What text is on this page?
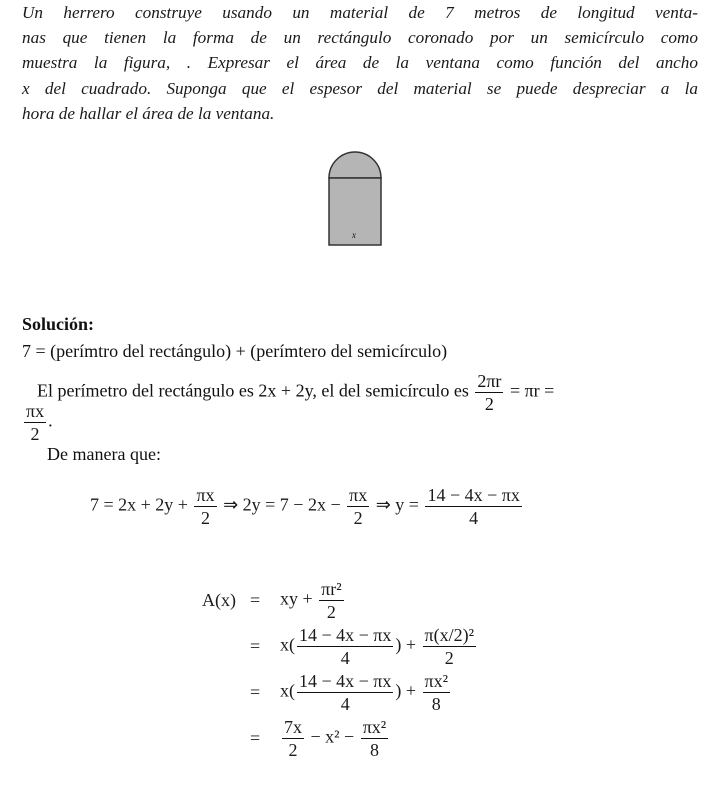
Un herrero construye usando un material de 7 metros de longitud venta-
nas que tienen la forma de un rectángulo coronado por un semicírculo como
muestra la figura, . Expresar el área de la ventana como función del ancho
x del cuadrado. Suponga que el espesor del material se puede despreciar a la
hora de hallar el área de la ventana.
x
Solución:
7 = (perímtro del rectángulo) + (perímtero del semicírculo)
El perímetro del rectángulo es 2x + 2y, el del semicírculo es $\frac{2\pi r}{2} = \pi r$ =
$\frac{\pi x}{2}$ .
De manera que:
$7 = 2x + 2y + \frac{\pi x}{2}$ ⇒ $2y = 7 - 2x - \frac{\pi x}{2}$ ⇒ $y = \frac{14 - 4x - \pi x}{4}$
A(x) = xy + $\frac{\text{πr²}}{2}$
= $x( \frac{14 - 4x - \pi x}{4}$ ) + $\frac{\text{π(x/2)²}}{2}$
= $x( \frac{14 - 4x - \pi x}{4}$ ) + $\frac{\text{πx²}}{8}$
= $\frac{7x}{2} - x^2 - \frac{\text{πx²}}{8}$
